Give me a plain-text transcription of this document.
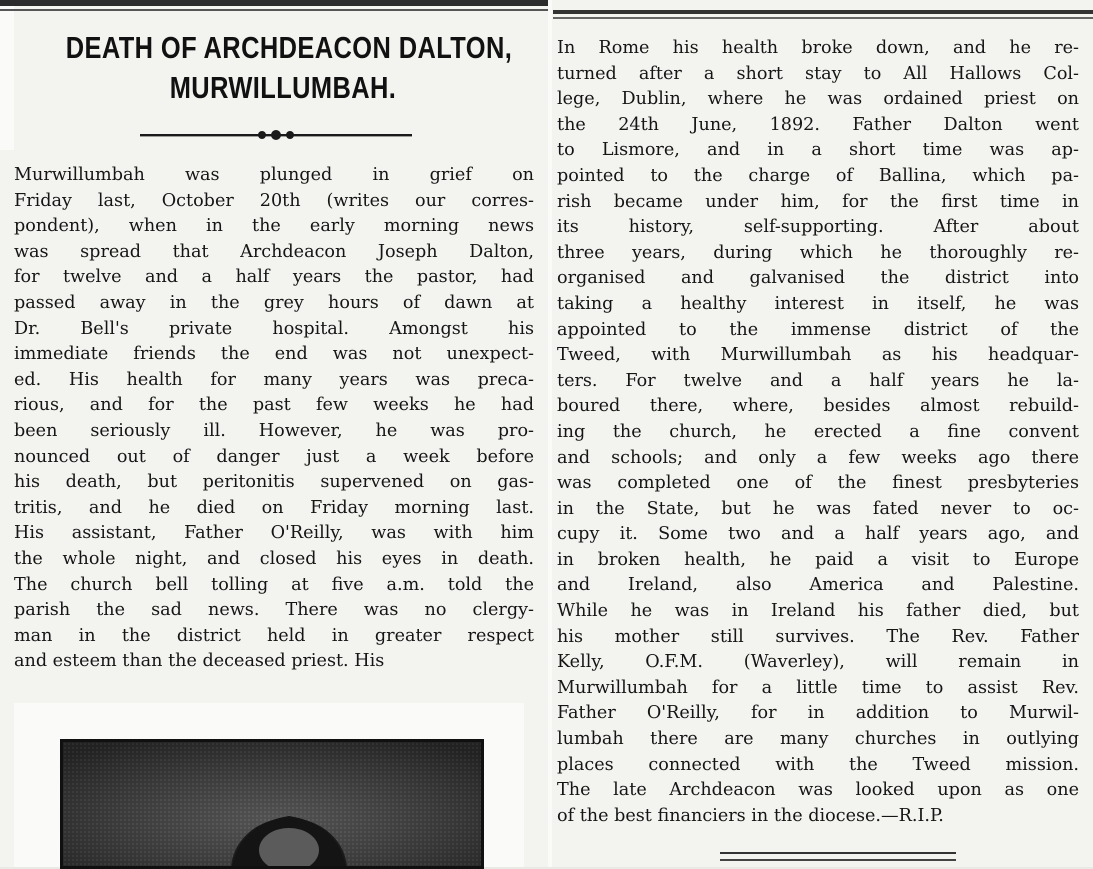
DEATH OF ARCHDEACON DALTON,
MURWILLUMBAH.
Murwillumbah was plunged in grief on
Friday last, October 20th (writes our corres-
pondent), when in the early morning news
was spread that Archdeacon Joseph Dalton,
for twelve and a half years the pastor, had
passed away in the grey hours of dawn at
Dr. Bell's private hospital. Amongst his
immediate friends the end was not unexpect-
ed. His health for many years was preca-
rious, and for the past few weeks he had
been seriously ill. However, he was pro-
nounced out of danger just a week before
his death, but peritonitis supervened on gas-
tritis, and he died on Friday morning last.
His assistant, Father O'Reilly, was with him
the whole night, and closed his eyes in death.
The church bell tolling at five a.m. told the
parish the sad news. There was no clergy-
man in the district held in greater respect
and esteem than the deceased priest. His
In Rome his health broke down, and he re-
turned after a short stay to All Hallows Col-
lege, Dublin, where he was ordained priest on
the 24th June, 1892. Father Dalton went
to Lismore, and in a short time was ap-
pointed to the charge of Ballina, which pa-
rish became under him, for the first time in
its history, self-supporting. After about
three years, during which he thoroughly re-
organised and galvanised the district into
taking a healthy interest in itself, he was
appointed to the immense district of the
Tweed, with Murwillumbah as his headquar-
ters. For twelve and a half years he la-
boured there, where, besides almost rebuild-
ing the church, he erected a fine convent
and schools; and only a few weeks ago there
was completed one of the finest presbyteries
in the State, but he was fated never to oc-
cupy it. Some two and a half years ago, and
in broken health, he paid a visit to Europe
and Ireland, also America and Palestine.
While he was in Ireland his father died, but
his mother still survives. The Rev. Father
Kelly, O.F.M. (Waverley), will remain in
Murwillumbah for a little time to assist Rev.
Father O'Reilly, for in addition to Murwil-
lumbah there are many churches in outlying
places connected with the Tweed mission.
The late Archdeacon was looked upon as one
of the best financiers in the diocese.—R.I.P.
